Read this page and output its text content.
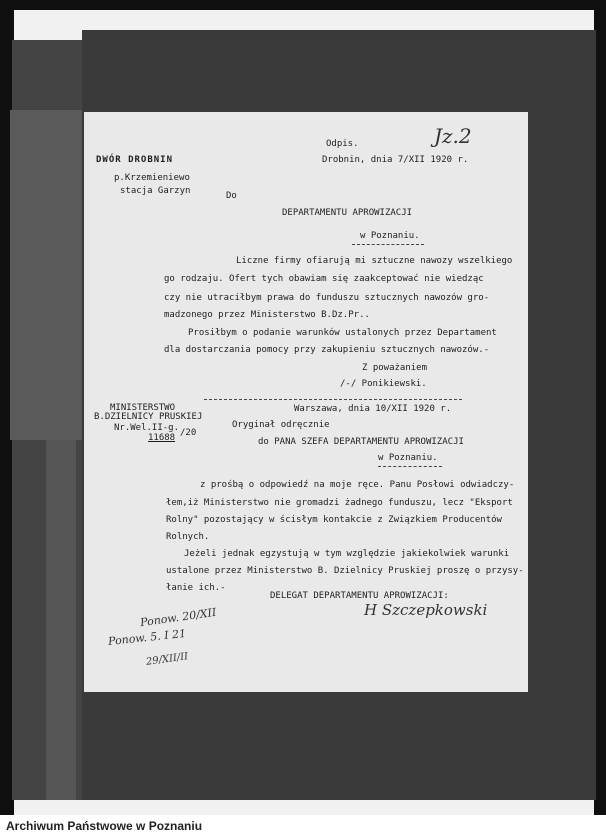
Odpis.	Jz.2
DWÓR DROBNIN
p.Krzemieniewo
stacja Garzyn
Drobnin, dnia 7/XII 1920 r.
Do
DEPARTAMENTU APROWIZACJI
w Poznaniu.
Liczne firmy ofiarują mi sztuczne nawozy wszelkiego
go rodzaju. Ofert tych obawiam się zaakceptować nie wiedząc
czy nie utraciłbym prawa do funduszu sztucznych nawozów gro-
madzonego przez Ministerstwo B.Dz.Pr..
Prosiłbym o podanie warunków ustalonych przez Departament
dla dostarczania pomocy przy zakupieniu sztucznych nawozów.-
Z poważaniem
/-/ Ponikiewski.
MINISTERSTWO
B.DZIELNICY PRUSKIEJ
Nr.Wel.II-g.
11688 /20
Warszawa, dnia 10/XII 1920 r.
Oryginał odręcznie
do PANA SZEFA DEPARTAMENTU APROWIZACJI
w Poznaniu.
z prośbą o odpowiedź na moje ręce. Panu Posłowi odwiadczy-
łem,iż Ministerstwo nie gromadzi żadnego funduszu, lecz "Eksport
Rolny" pozostający w ścisłym kontakcie z Związkiem Producentów
Rolnych.
Jeżeli jednak egzystują w tym względzie jakiekolwiek warunki
ustalone przez Ministerstwo B. Dzielnicy Pruskiej proszę o przysy-
łanie ich.-
DELEGAT DEPARTAMENTU APROWIZACJI:
H Szczepkowski
Ponow. 20/XII
Ponow. 5. I 21
29/XII/II
Archiwum Państwowe w Poznaniu
